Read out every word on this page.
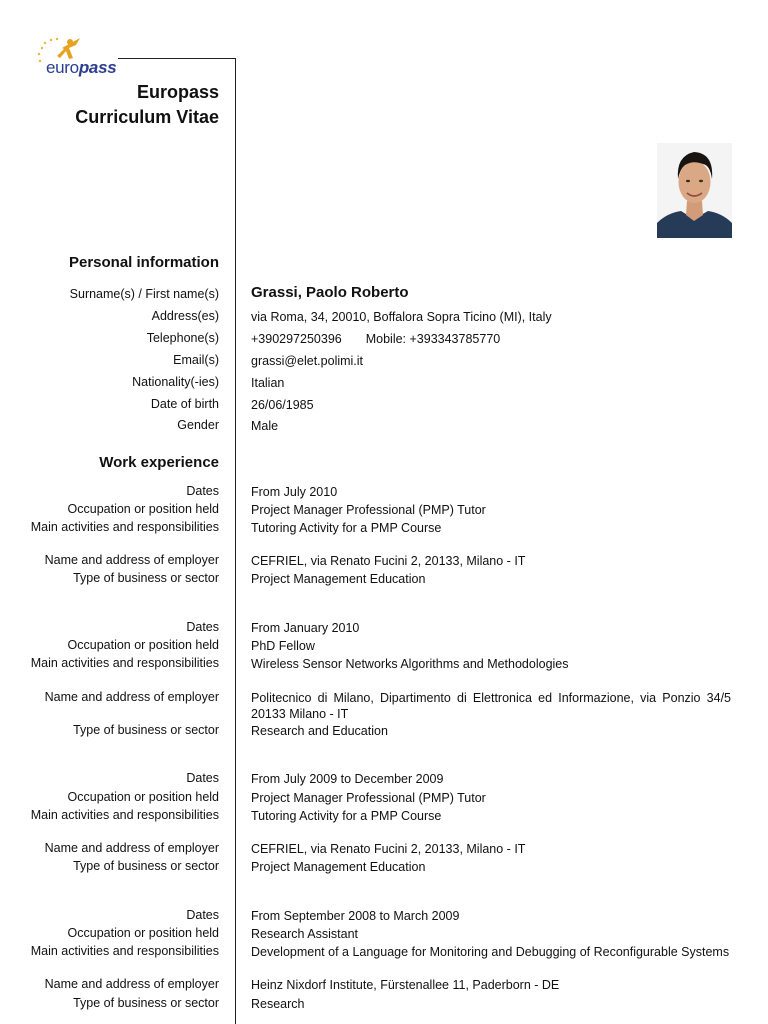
europass
Europass
Curriculum Vitae
Personal information
Surname(s) / First name(s) Grassi, Paolo Roberto
Address(es)	via Roma, 34, 20010, Boffalora Sopra Ticino (MI), Italy
Telephone(s)	+390297250396 Mobile: +393343785770
Email(s)	grassi@elet.polimi.it
Nationality(-ies)	Italian
Date of birth	26/06/1985
Gender	Male
Work experience
Dates	From July 2010
Occupation or position held	Project Manager Professional (PMP) Tutor
Main activities and responsibilities	Tutoring Activity for a PMP Course
Name and address of employer	CEFRIEL, via Renato Fucini 2, 20133, Milano - IT
Type of business or sector	Project Management Education
Dates	From January 2010
Occupation or position held	PhD Fellow
Main activities and responsibilities	Wireless Sensor Networks Algorithms and Methodologies
Name and address of employer	Politecnico di Milano, Dipartimento di Elettronica ed Informazione, via Ponzio 34/5 20133 Milano - IT
Type of business or sector	Research and Education
Dates	From July 2009 to December 2009
Occupation or position held	Project Manager Professional (PMP) Tutor
Main activities and responsibilities	Tutoring Activity for a PMP Course
Name and address of employer	CEFRIEL, via Renato Fucini 2, 20133, Milano - IT
Type of business or sector	Project Management Education
Dates	From September 2008 to March 2009
Occupation or position held	Research Assistant
Main activities and responsibilities	Development of a Language for Monitoring and Debugging of Reconfigurable Systems
Name and address of employer	Heinz Nixdorf Institute, Fürstenallee 11, Paderborn - DE
Type of business or sector	Research
